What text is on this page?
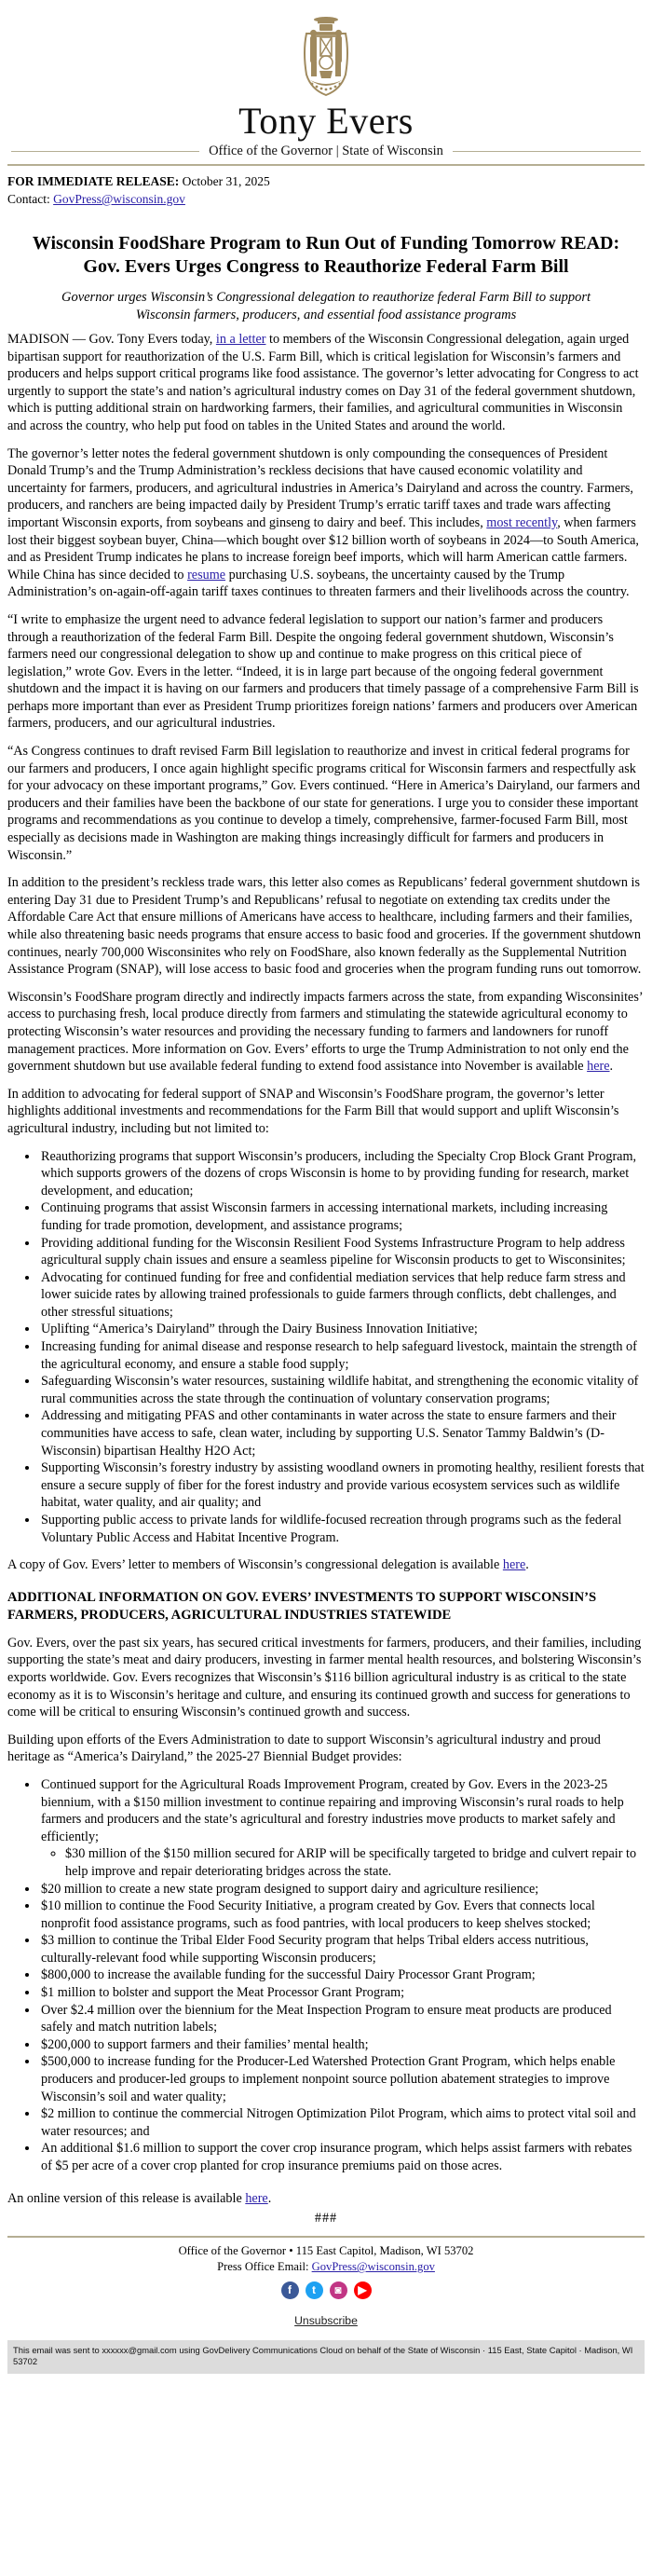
Tony Evers
Office of the Governor | State of Wisconsin
FOR IMMEDIATE RELEASE: October 31, 2025
Contact: GovPress@wisconsin.gov
Wisconsin FoodShare Program to Run Out of Funding Tomorrow READ: Gov. Evers Urges Congress to Reauthorize Federal Farm Bill

Governor urges Wisconsin’s Congressional delegation to reauthorize federal Farm Bill to support Wisconsin farmers, producers, and essential food assistance programs

MADISON — Gov. Tony Evers today, in a letter to members of the Wisconsin Congressional delegation, again urged bipartisan support for reauthorization of the U.S. Farm Bill, which is critical legislation for Wisconsin’s farmers and producers and helps support critical programs like food assistance. The governor’s letter advocating for Congress to act urgently to support the state’s and nation’s agricultural industry comes on Day 31 of the federal government shutdown, which is putting additional strain on hardworking farmers, their families, and agricultural communities in Wisconsin and across the country, who help put food on tables in the United States and around the world.

The governor’s letter notes the federal government shutdown is only compounding the consequences of President Donald Trump’s and the Trump Administration’s reckless decisions that have caused economic volatility and uncertainty for farmers, producers, and agricultural industries in America’s Dairyland and across the country. Farmers, producers, and ranchers are being impacted daily by President Trump’s erratic tariff taxes and trade wars affecting important Wisconsin exports, from soybeans and ginseng to dairy and beef. This includes, most recently, when farmers lost their biggest soybean buyer, China—which bought over $12 billion worth of soybeans in 2024—to South America, and as President Trump indicates he plans to increase foreign beef imports, which will harm American cattle farmers. While China has since decided to resume purchasing U.S. soybeans, the uncertainty caused by the Trump Administration’s on-again-off-again tariff taxes continues to threaten farmers and their livelihoods across the country.

“I write to emphasize the urgent need to advance federal legislation to support our nation’s farmer and producers through a reauthorization of the federal Farm Bill. Despite the ongoing federal government shutdown, Wisconsin’s farmers need our congressional delegation to show up and continue to make progress on this critical piece of legislation,” wrote Gov. Evers in the letter. “Indeed, it is in large part because of the ongoing federal government shutdown and the impact it is having on our farmers and producers that timely passage of a comprehensive Farm Bill is perhaps more important than ever as President Trump prioritizes foreign nations’ farmers and producers over American farmers, producers, and our agricultural industries.

“As Congress continues to draft revised Farm Bill legislation to reauthorize and invest in critical federal programs for our farmers and producers, I once again highlight specific programs critical for Wisconsin farmers and respectfully ask for your advocacy on these important programs,” Gov. Evers continued. “Here in America’s Dairyland, our farmers and producers and their families have been the backbone of our state for generations. I urge you to consider these important programs and recommendations as you continue to develop a timely, comprehensive, farmer-focused Farm Bill, most especially as decisions made in Washington are making things increasingly difficult for farmers and producers in Wisconsin.”

In addition to the president’s reckless trade wars, this letter also comes as Republicans’ federal government shutdown is entering Day 31 due to President Trump’s and Republicans’ refusal to negotiate on extending tax credits under the Affordable Care Act that ensure millions of Americans have access to healthcare, including farmers and their families, while also threatening basic needs programs that ensure access to basic food and groceries. If the government shutdown continues, nearly 700,000 Wisconsinites who rely on FoodShare, also known federally as the Supplemental Nutrition Assistance Program (SNAP), will lose access to basic food and groceries when the program funding runs out tomorrow.

Wisconsin’s FoodShare program directly and indirectly impacts farmers across the state, from expanding Wisconsinites’ access to purchasing fresh, local produce directly from farmers and stimulating the statewide agricultural economy to protecting Wisconsin’s water resources and providing the necessary funding to farmers and landowners for runoff management practices. More information on Gov. Evers’ efforts to urge the Trump Administration to not only end the government shutdown but use available federal funding to extend food assistance into November is available here.

In addition to advocating for federal support of SNAP and Wisconsin’s FoodShare program, the governor’s letter highlights additional investments and recommendations for the Farm Bill that would support and uplift Wisconsin’s agricultural industry, including but not limited to:

• Reauthorizing programs that support Wisconsin’s producers, including the Specialty Crop Block Grant Program, which supports growers of the dozens of crops Wisconsin is home to by providing funding for research, market development, and education;
• Continuing programs that assist Wisconsin farmers in accessing international markets, including increasing funding for trade promotion, development, and assistance programs;
• Providing additional funding for the Wisconsin Resilient Food Systems Infrastructure Program to help address agricultural supply chain issues and ensure a seamless pipeline for Wisconsin products to get to Wisconsinites;
• Advocating for continued funding for free and confidential mediation services that help reduce farm stress and lower suicide rates by allowing trained professionals to guide farmers through conflicts, debt challenges, and other stressful situations;
• Uplifting “America’s Dairyland” through the Dairy Business Innovation Initiative;
• Increasing funding for animal disease and response research to help safeguard livestock, maintain the strength of the agricultural economy, and ensure a stable food supply;
• Safeguarding Wisconsin’s water resources, sustaining wildlife habitat, and strengthening the economic vitality of rural communities across the state through the continuation of voluntary conservation programs;
• Addressing and mitigating PFAS and other contaminants in water across the state to ensure farmers and their communities have access to safe, clean water, including by supporting U.S. Senator Tammy Baldwin’s (D-Wisconsin) bipartisan Healthy H2O Act;
• Supporting Wisconsin’s forestry industry by assisting woodland owners in promoting healthy, resilient forests that ensure a secure supply of fiber for the forest industry and provide various ecosystem services such as wildlife habitat, water quality, and air quality; and
• Supporting public access to private lands for wildlife-focused recreation through programs such as the federal Voluntary Public Access and Habitat Incentive Program.

A copy of Gov. Evers’ letter to members of Wisconsin’s congressional delegation is available here.

ADDITIONAL INFORMATION ON GOV. EVERS’ INVESTMENTS TO SUPPORT WISCONSIN’S FARMERS, PRODUCERS, AGRICULTURAL INDUSTRIES STATEWIDE

Gov. Evers, over the past six years, has secured critical investments for farmers, producers, and their families, including supporting the state’s meat and dairy producers, investing in farmer mental health resources, and bolstering Wisconsin’s exports worldwide. Gov. Evers recognizes that Wisconsin’s $116 billion agricultural industry is as critical to the state economy as it is to Wisconsin’s heritage and culture, and ensuring its continued growth and success for generations to come will be critical to ensuring Wisconsin’s continued growth and success.

Building upon efforts of the Evers Administration to date to support Wisconsin’s agricultural industry and proud heritage as “America’s Dairyland,” the 2025-27 Biennial Budget provides:

• Continued support for the Agricultural Roads Improvement Program, created by Gov. Evers in the 2023-25 biennium, with a $150 million investment to continue repairing and improving Wisconsin’s rural roads to help farmers and producers and the state’s agricultural and forestry industries move products to market safely and efficiently;
◦ $30 million of the $150 million secured for ARIP will be specifically targeted to bridge and culvert repair to help improve and repair deteriorating bridges across the state.
• $20 million to create a new state program designed to support dairy and agriculture resilience;
• $10 million to continue the Food Security Initiative, a program created by Gov. Evers that connects local nonprofit food assistance programs, such as food pantries, with local producers to keep shelves stocked;
• $3 million to continue the Tribal Elder Food Security program that helps Tribal elders access nutritious, culturally-relevant food while supporting Wisconsin producers;
• $800,000 to increase the available funding for the successful Dairy Processor Grant Program;
• $1 million to bolster and support the Meat Processor Grant Program;
• Over $2.4 million over the biennium for the Meat Inspection Program to ensure meat products are produced safely and match nutrition labels;
• $200,000 to support farmers and their families’ mental health;
• $500,000 to increase funding for the Producer-Led Watershed Protection Grant Program, which helps enable producers and producer-led groups to implement nonpoint source pollution abatement strategies to improve Wisconsin’s soil and water quality;
• $2 million to continue the commercial Nitrogen Optimization Pilot Program, which aims to protect vital soil and water resources; and
• An additional $1.6 million to support the cover crop insurance program, which helps assist farmers with rebates of $5 per acre of a cover crop planted for crop insurance premiums paid on those acres.

An online version of this release is available here.

###
Office of the Governor • 115 East Capitol, Madison, WI 53702
Press Office Email: GovPress@wisconsin.gov
f	t	◙	▶
Unsubscribe
This email was sent to xxxxxx@gmail.com using GovDelivery Communications Cloud on behalf of the State of Wisconsin · 115 East, State Capitol · Madison, WI 53702
